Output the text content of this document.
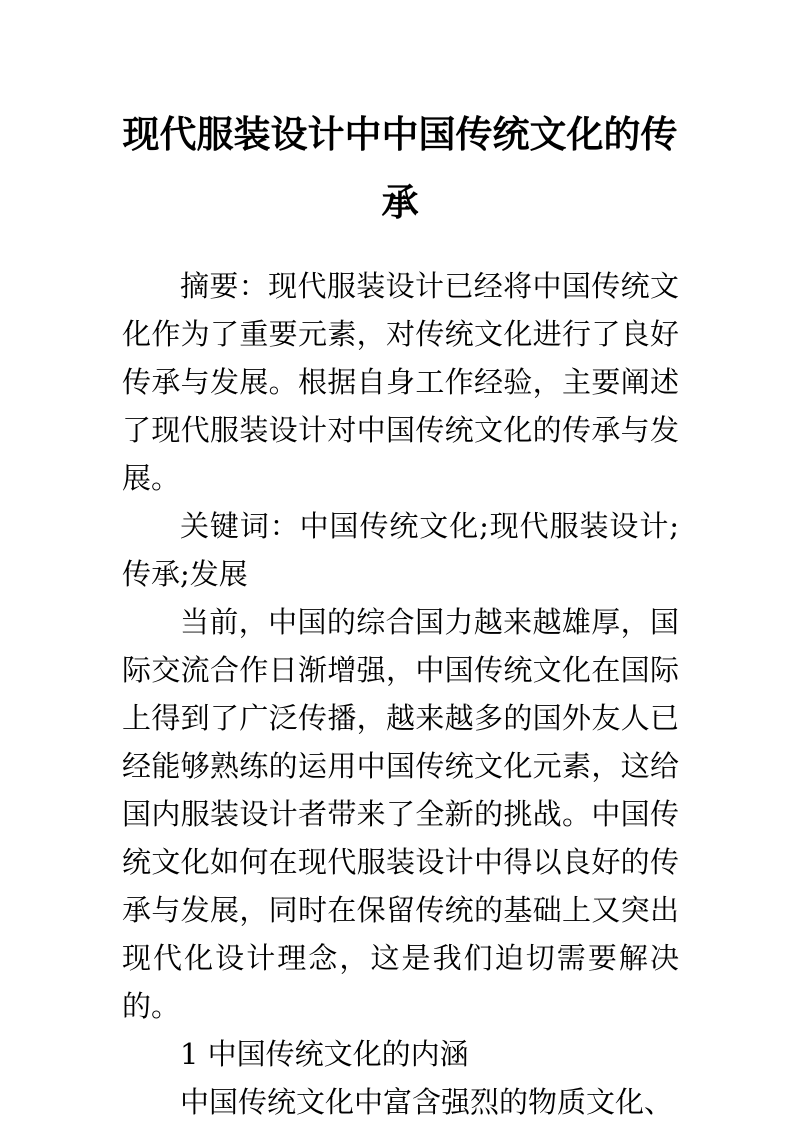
现代服装设计中中国传统文化的传承

摘要：现代服装设计已经将中国传统文化作为了重要元素，对传统文化进行了良好传承与发展。根据自身工作经验，主要阐述了现代服装设计对中国传统文化的传承与发展。

关键词：中国传统文化;现代服装设计;传承;发展

当前，中国的综合国力越来越雄厚，国际交流合作日渐增强，中国传统文化在国际上得到了广泛传播，越来越多的国外友人已经能够熟练的运用中国传统文化元素，这给国内服装设计者带来了全新的挑战。中国传统文化如何在现代服装设计中得以良好的传承与发展，同时在保留传统的基础上又突出现代化设计理念，这是我们迫切需要解决的。

1 中国传统文化的内涵

中国传统文化中富含强烈的物质文化、
